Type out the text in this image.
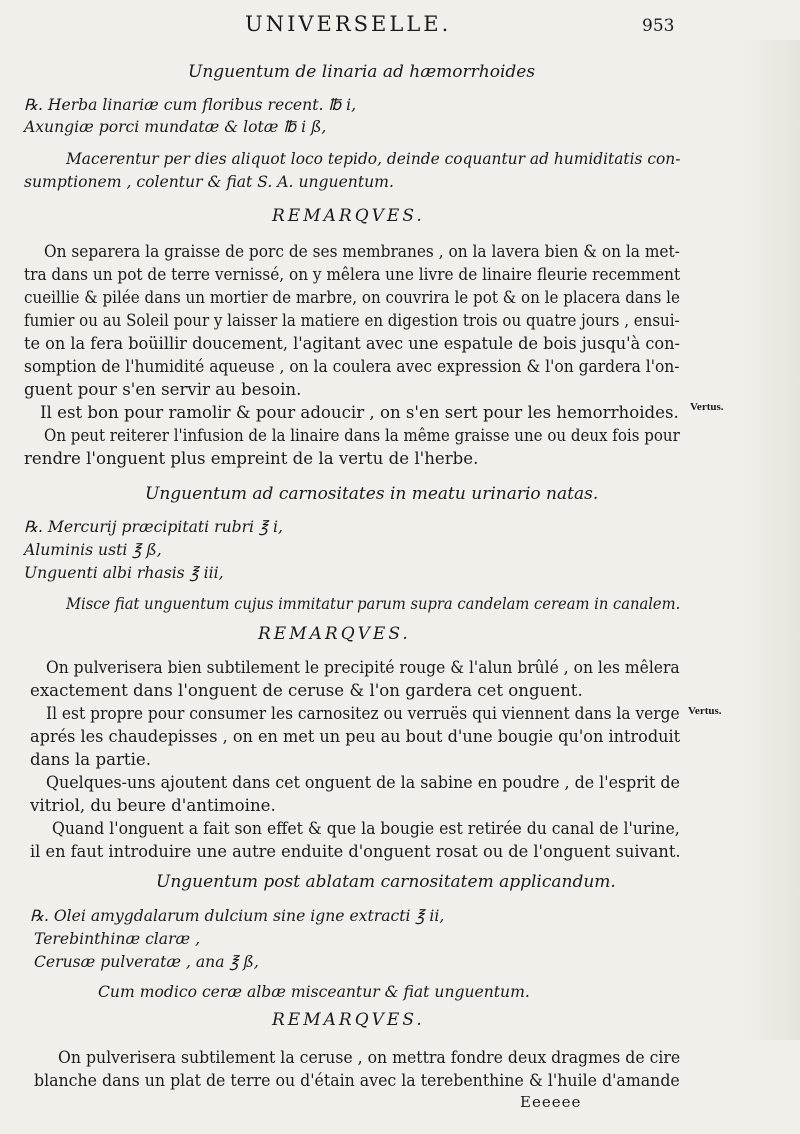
UNIVERSELLE.	953
Unguentum de linaria ad hæmorrhoides
℞. Herba linariæ cum floribus recent. ℔ i,
Axungiæ porci mundatæ & lotæ ℔ i ß,
Macerentur per dies aliquot loco tepido, deinde coquantur ad humiditatis con-
sumptionem , colentur & fiat S. A. unguentum.
REMARQVES.
On separera la graisse de porc de ses membranes , on la lavera bien & on la met-
tra dans un pot de terre vernissé, on y mêlera une livre de linaire fleurie recemment
cueillie & pilée dans un mortier de marbre, on couvrira le pot & on le placera dans le
fumier ou au Soleil pour y laisser la matiere en digestion trois ou quatre jours , ensui-
te on la fera boüillir doucement, l'agitant avec une espatule de bois jusqu'à con-
somption de l'humidité aqueuse , on la coulera avec expression & l'on gardera l'on-
guent pour s'en servir au besoin.
Il est bon pour ramolir & pour adoucir , on s'en sert pour les hemorrhoides. Vertus.
On peut reiterer l'infusion de la linaire dans la même graisse une ou deux fois pour
rendre l'onguent plus empreint de la vertu de l'herbe.
Unguentum ad carnositates in meatu urinario natas.
℞. Mercurij præcipitati rubri ℥ i,
Aluminis usti ℥ ß,
Unguenti albi rhasis ℥ iii,
Misce fiat unguentum cujus immitatur parum supra candelam ceream in canalem.
REMARQVES.
On pulverisera bien subtilement le precipité rouge & l'alun brûlé , on les mêlera
exactement dans l'onguent de ceruse & l'on gardera cet onguent.
Il est propre pour consumer les carnositez ou verruës qui viennent dans la verge Vertus.
aprés les chaudepisses , on en met un peu au bout d'une bougie qu'on introduit
dans la partie.
Quelques-uns ajoutent dans cet onguent de la sabine en poudre , de l'esprit de
vitriol, du beure d'antimoine.
Quand l'onguent a fait son effet & que la bougie est retirée du canal de l'urine,
il en faut introduire une autre enduite d'onguent rosat ou de l'onguent suivant.
Unguentum post ablatam carnositatem applicandum.
℞. Olei amygdalarum dulcium sine igne extracti ℥ ii,
Terebinthinæ claræ ,
Cerusæ pulveratæ , ana ℥ ß,
Cum modico ceræ albæ misceantur & fiat unguentum.
REMARQVES.
On pulverisera subtilement la ceruse , on mettra fondre deux dragmes de cire
blanche dans un plat de terre ou d'étain avec la terebenthine & l'huile d'amande
Eeeeee
